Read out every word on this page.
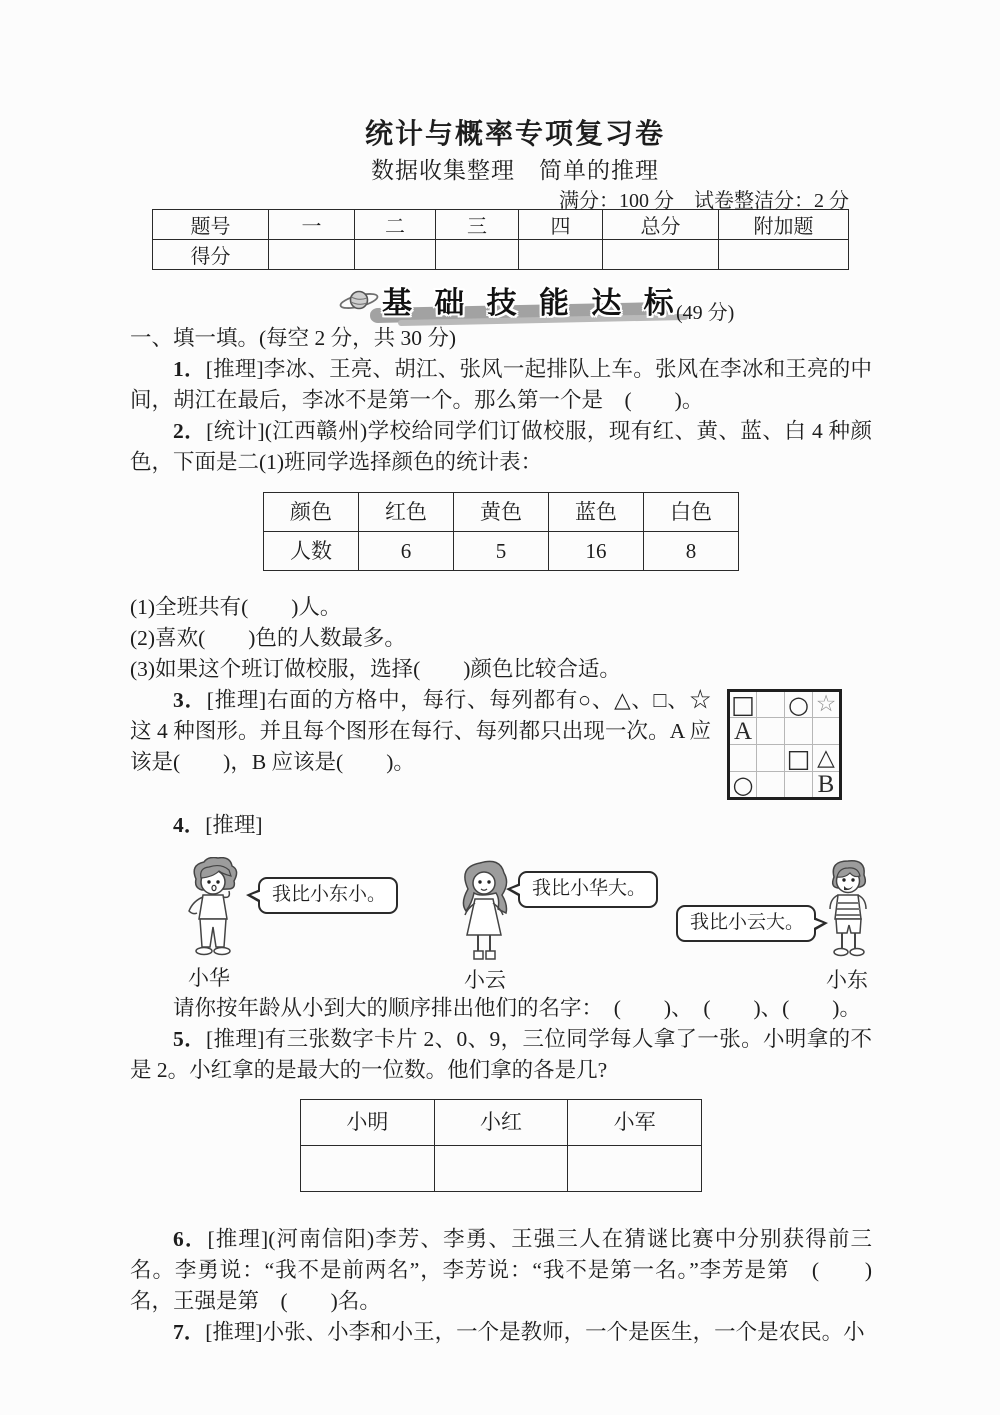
统计与概率专项复习卷
数据收集整理　简单的推理
满分：100 分　试卷整洁分：2 分
题号	一	二	三	四	总分	附加题
得分						
基 础 技 能 达 标
(49 分)

一、填一填。(每空 2 分，共 30 分)

1．[推理]李冰、王亮、胡江、张风一起排队上车。张风在李冰和王亮的中间，胡江在最后，李冰不是第一个。那么第一个是　(　　)。

2．[统计](江西赣州)学校给同学们订做校服，现有红、黄、蓝、白 4 种颜色，下面是二(1)班同学选择颜色的统计表：

颜色	红色	黄色	蓝色	白色
人数	6	5	16	8

(1)全班共有(　　)人。

(2)喜欢(　　)色的人数最多。

(3)如果这个班订做校服，选择(　　)颜色比较合适。

□		○	☆
A			
		□	△
○			B

3．[推理]右面的方格中，每行、每列都有○、△、□、☆这 4 种图形。并且每个图形在每行、每列都只出现一次。A 应该是(　　)，B 应该是(　　)。

4．[推理]

小华
我比小东小。
小云
我比小华大。
我比小云大。
小东

请你按年龄从小到大的顺序排出他们的名字：　(　　)、　(　　)、(　　)。

5．[推理]有三张数字卡片 2、0、9，三位同学每人拿了一张。小明拿的不是 2。小红拿的是最大的一位数。他们拿的各是几?

小明	小红	小军

6．[推理](河南信阳)李芳、李勇、王强三人在猜谜比赛中分别获得前三名。李勇说：“我不是前两名”，李芳说：“我不是第一名。”李芳是第　(　　)名，王强是第　(　　)名。

7．[推理]小张、小李和小王，一个是教师，一个是医生，一个是农民。小
